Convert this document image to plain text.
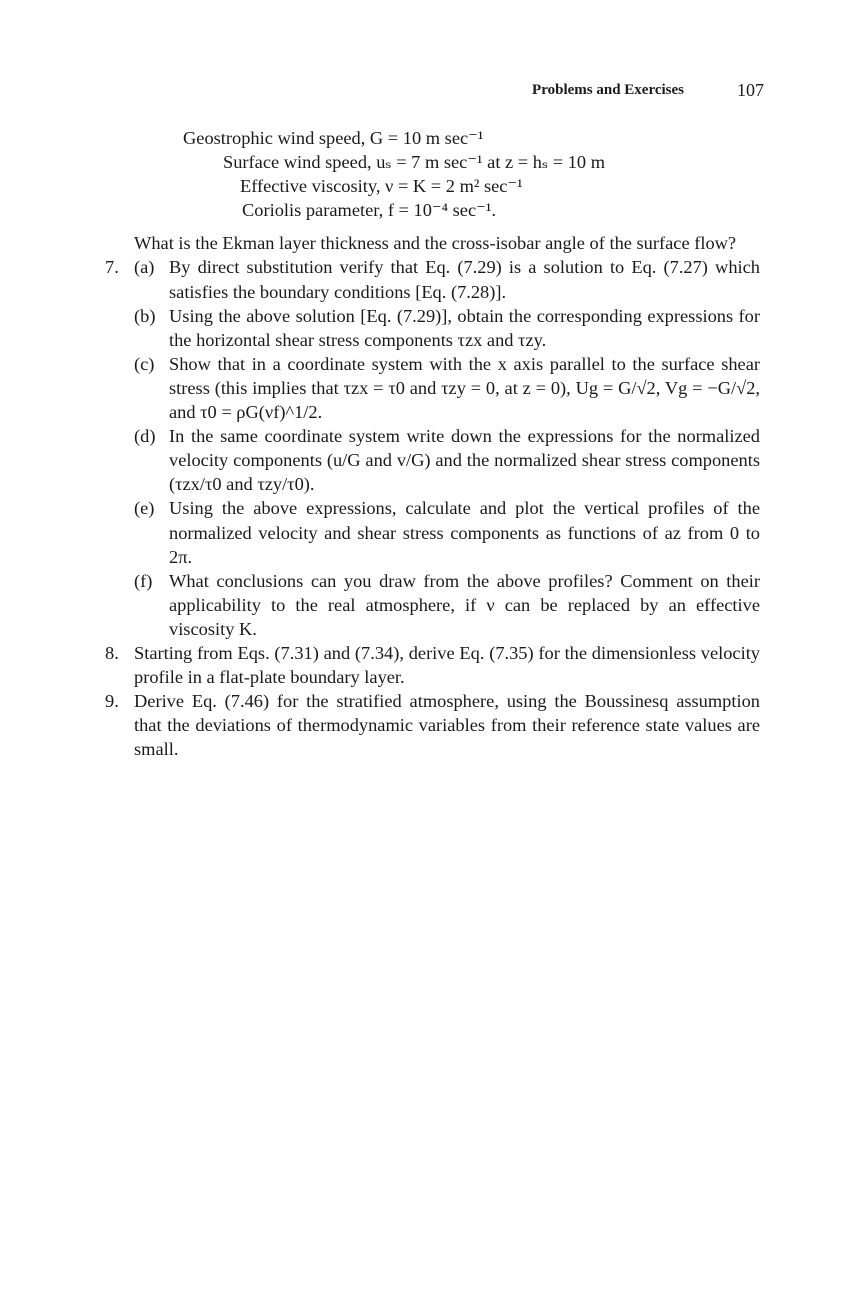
Problems and Exercises	107
Geostrophic wind speed, G = 10 m sec⁻¹
Surface wind speed, uₛ = 7 m sec⁻¹ at z = hₛ = 10 m
Effective viscosity, ν = K = 2 m² sec⁻¹
Coriolis parameter, f = 10⁻⁴ sec⁻¹.
What is the Ekman layer thickness and the cross-isobar angle of the surface flow?
7. (a) By direct substitution verify that Eq. (7.29) is a solution to Eq. (7.27) which satisfies the boundary conditions [Eq. (7.28)].
(b) Using the above solution [Eq. (7.29)], obtain the corresponding expressions for the horizontal shear stress components τzx and τzy.
(c) Show that in a coordinate system with the x axis parallel to the surface shear stress (this implies that τzx = τ0 and τzy = 0, at z = 0), Ug = G/√2, Vg = −G/√2, and τ0 = ρG(νf)^1/2.
(d) In the same coordinate system write down the expressions for the normalized velocity components (u/G and v/G) and the normalized shear stress components (τzx/τ0 and τzy/τ0).
(e) Using the above expressions, calculate and plot the vertical profiles of the normalized velocity and shear stress components as functions of az from 0 to 2π.
(f) What conclusions can you draw from the above profiles? Comment on their applicability to the real atmosphere, if ν can be replaced by an effective viscosity K.
8. Starting from Eqs. (7.31) and (7.34), derive Eq. (7.35) for the dimensionless velocity profile in a flat-plate boundary layer.
9. Derive Eq. (7.46) for the stratified atmosphere, using the Boussinesq assumption that the deviations of thermodynamic variables from their reference state values are small.
